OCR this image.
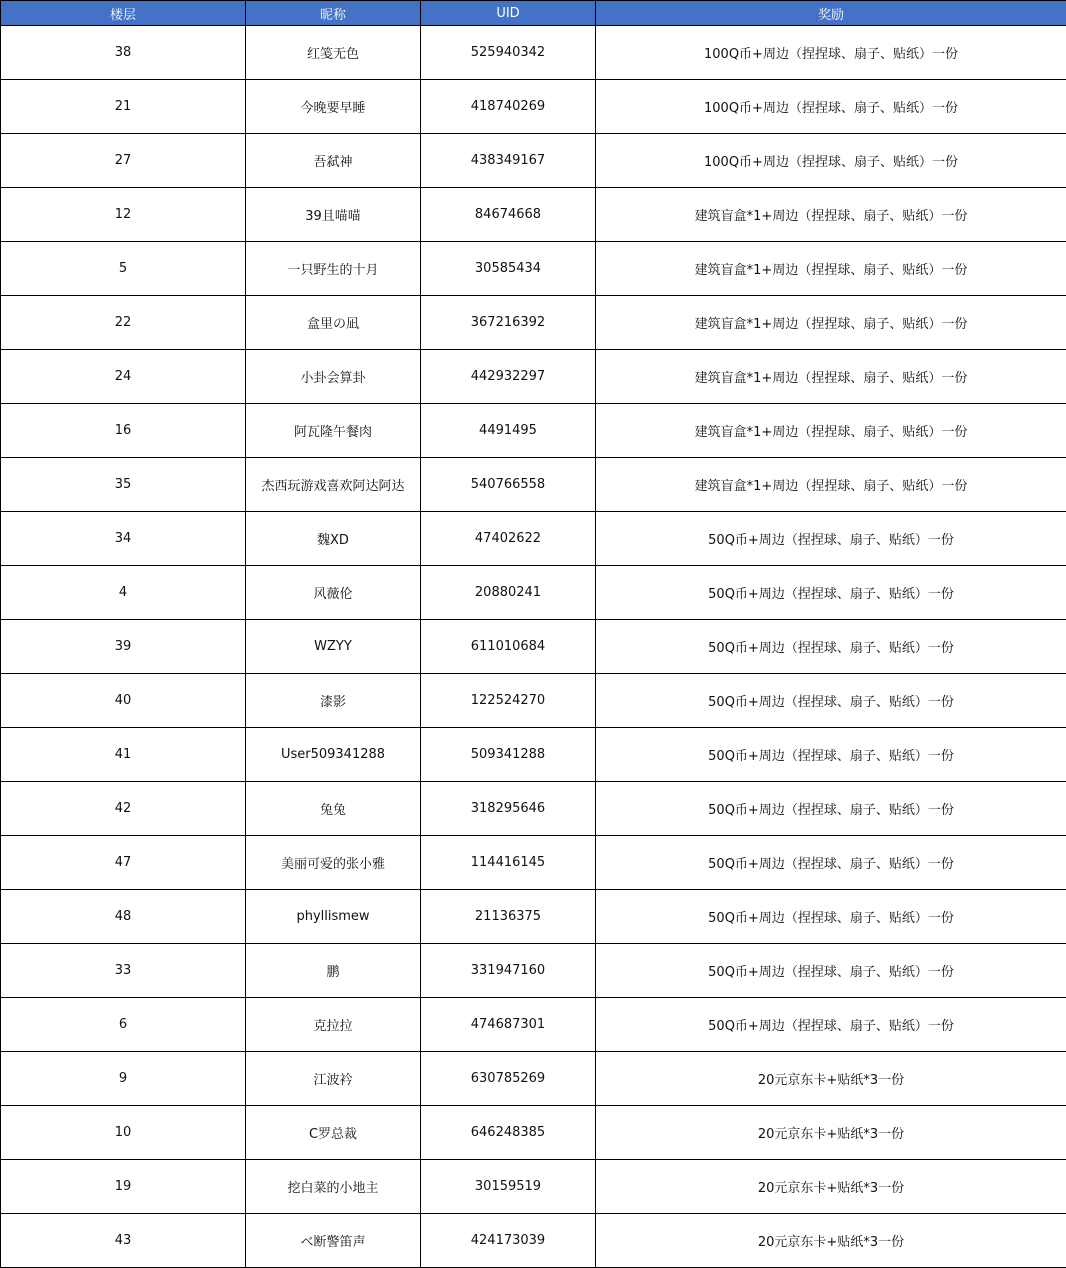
楼层	昵称	UID	奖励
38	红笺无色	525940342	100Q币+周边（捏捏球、扇子、贴纸）一份
21	今晚要早睡	418740269	100Q币+周边（捏捏球、扇子、贴纸）一份
27	吾弑神	438349167	100Q币+周边（捏捏球、扇子、贴纸）一份
12	39且喵喵	84674668	建筑盲盒*1+周边（捏捏球、扇子、贴纸）一份
5	一只野生的十月	30585434	建筑盲盒*1+周边（捏捏球、扇子、贴纸）一份
22	盒里の凪	367216392	建筑盲盒*1+周边（捏捏球、扇子、贴纸）一份
24	小卦会算卦	442932297	建筑盲盒*1+周边（捏捏球、扇子、贴纸）一份
16	阿瓦隆午餐肉	4491495	建筑盲盒*1+周边（捏捏球、扇子、贴纸）一份
35	杰西玩游戏喜欢阿达阿达	540766558	建筑盲盒*1+周边（捏捏球、扇子、贴纸）一份
34	魏XD	47402622	50Q币+周边（捏捏球、扇子、贴纸）一份
4	风薇伦	20880241	50Q币+周边（捏捏球、扇子、贴纸）一份
39	WZYY	611010684	50Q币+周边（捏捏球、扇子、贴纸）一份
40	漆影	122524270	50Q币+周边（捏捏球、扇子、贴纸）一份
41	User509341288	509341288	50Q币+周边（捏捏球、扇子、贴纸）一份
42	兔兔	318295646	50Q币+周边（捏捏球、扇子、贴纸）一份
47	美丽可爱的张小雅	114416145	50Q币+周边（捏捏球、扇子、贴纸）一份
48	phyllismew	21136375	50Q币+周边（捏捏球、扇子、贴纸）一份
33	鹏	331947160	50Q币+周边（捏捏球、扇子、贴纸）一份
6	克拉拉	474687301	50Q币+周边（捏捏球、扇子、贴纸）一份
9	江波衿	630785269	20元京东卡+贴纸*3一份
10	C罗总裁	646248385	20元京东卡+贴纸*3一份
19	挖白菜的小地主	30159519	20元京东卡+贴纸*3一份
43	ベ断警笛声	424173039	20元京东卡+贴纸*3一份
